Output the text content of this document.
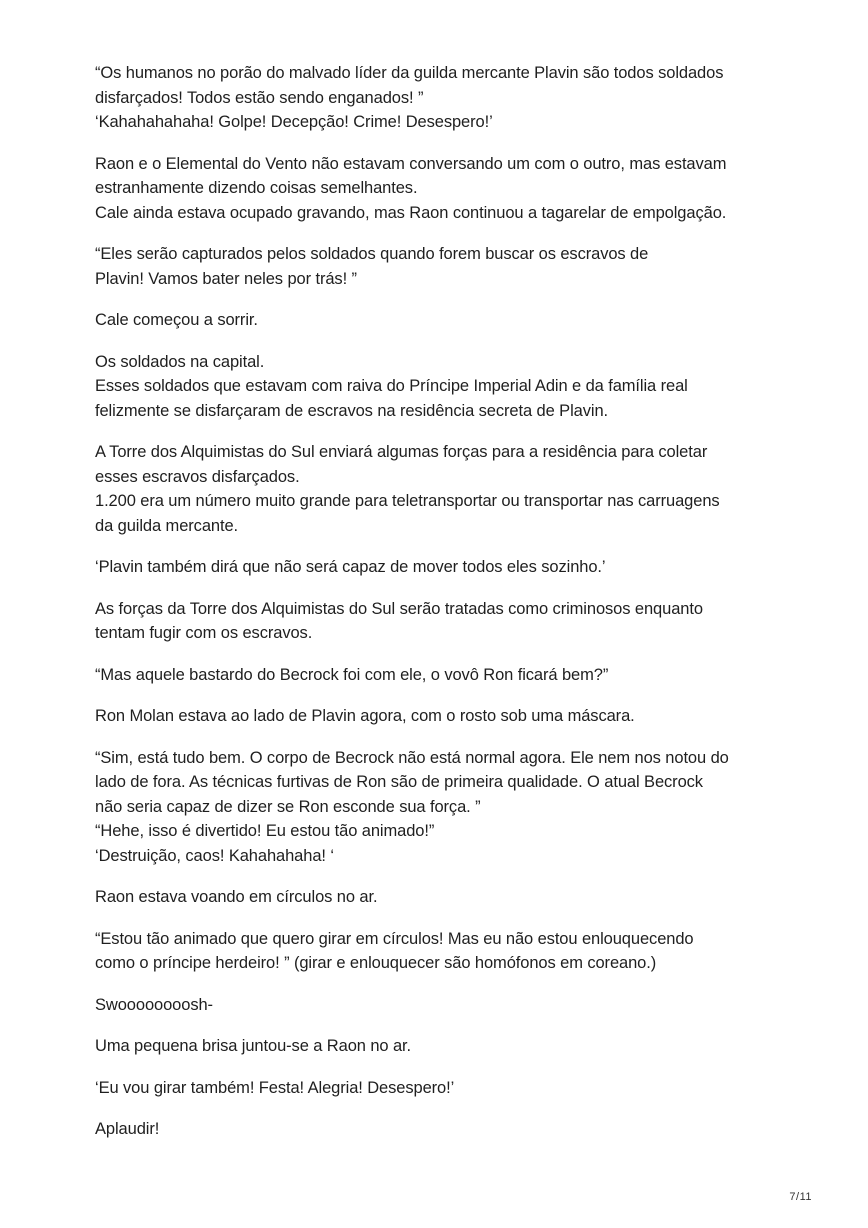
“Os humanos no porão do malvado líder da guilda mercante Plavin são todos soldados
disfarçados! Todos estão sendo enganados! ”
‘Kahahahahaha! Golpe! Decepção! Crime! Desespero!’

Raon e o Elemental do Vento não estavam conversando um com o outro, mas estavam
estranhamente dizendo coisas semelhantes.
Cale ainda estava ocupado gravando, mas Raon continuou a tagarelar de empolgação.

“Eles serão capturados pelos soldados quando forem buscar os escravos de
Plavin! Vamos bater neles por trás! ”

Cale começou a sorrir.

Os soldados na capital.
Esses soldados que estavam com raiva do Príncipe Imperial Adin e da família real
felizmente se disfarçaram de escravos na residência secreta de Plavin.

A Torre dos Alquimistas do Sul enviará algumas forças para a residência para coletar
esses escravos disfarçados.
1.200 era um número muito grande para teletransportar ou transportar nas carruagens
da guilda mercante.

‘Plavin também dirá que não será capaz de mover todos eles sozinho.’

As forças da Torre dos Alquimistas do Sul serão tratadas como criminosos enquanto
tentam fugir com os escravos.

“Mas aquele bastardo do Becrock foi com ele, o vovô Ron ficará bem?”

Ron Molan estava ao lado de Plavin agora, com o rosto sob uma máscara.

“Sim, está tudo bem. O corpo de Becrock não está normal agora. Ele nem nos notou do
lado de fora. As técnicas furtivas de Ron são de primeira qualidade. O atual Becrock
não seria capaz de dizer se Ron esconde sua força. ”
“Hehe, isso é divertido! Eu estou tão animado!”
‘Destruição, caos! Kahahahaha! ‘

Raon estava voando em círculos no ar.

“Estou tão animado que quero girar em círculos! Mas eu não estou enlouquecendo
como o príncipe herdeiro! ” (girar e enlouquecer são homófonos em coreano.)

Swoooooooosh-

Uma pequena brisa juntou-se a Raon no ar.

‘Eu vou girar também! Festa! Alegria! Desespero!’

Aplaudir!

7/11
